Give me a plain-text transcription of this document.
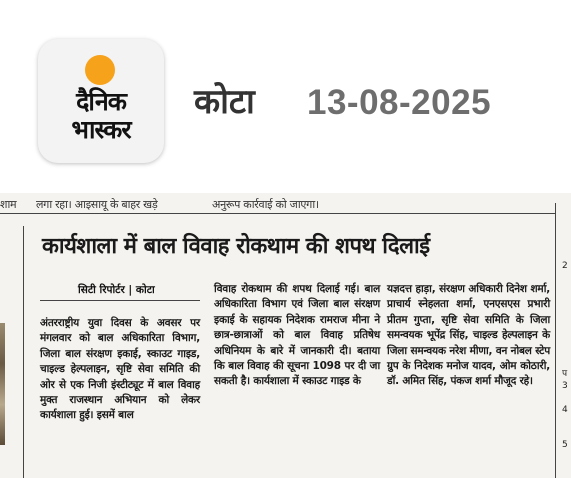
दैनिक
भास्कर
कोटा 13-08-2025
शाम लगा रहा। आइसायू के बाहर खड़े	अनुरूप कार्रवाई को जाएगा।
कार्यशाला में बाल विवाह रोकथाम की शपथ दिलाई
सिटी रिपोर्टर | कोटा
अंतरराष्ट्रीय युवा दिवस के अवसर पर मंगलवार को बाल अधिकारिता विभाग, जिला बाल संरक्षण इकाई, स्काउट गाइड, चाइल्ड हेल्पलाइन, सृष्टि सेवा समिति की ओर से एक निजी इंस्टीट्यूट में बाल विवाह मुक्त राजस्थान अभियान को लेकर कार्यशाला हुई। इसमें बाल
विवाह रोकथाम की शपथ दिलाई गई। बाल अधिकारिता विभाग एवं जिला बाल संरक्षण इकाई के सहायक निदेशक रामराज मीना ने छात्र-छात्राओं को बाल विवाह प्रतिषेध अधिनियम के बारे में जानकारी दी। बताया कि बाल विवाह की सूचना 1098 पर दी जा सकती है। कार्यशाला में स्काउट गाइड के
यज्ञदत्त हाड़ा, संरक्षण अधिकारी दिनेश शर्मा, प्राचार्य स्नेहलता शर्मा, एनएसएस प्रभारी प्रीतम गुप्ता, सृष्टि सेवा समिति के जिला समन्वयक भूपेंद्र सिंह, चाइल्ड हेल्पलाइन के जिला समन्वयक नरेश मीणा, वन नोबल स्टेप ग्रुप के निदेशक मनोज यादव, ओम कोठारी, डॉ. अमित सिंह, पंकज शर्मा मौजूद रहे।
2
प
3
4
5
